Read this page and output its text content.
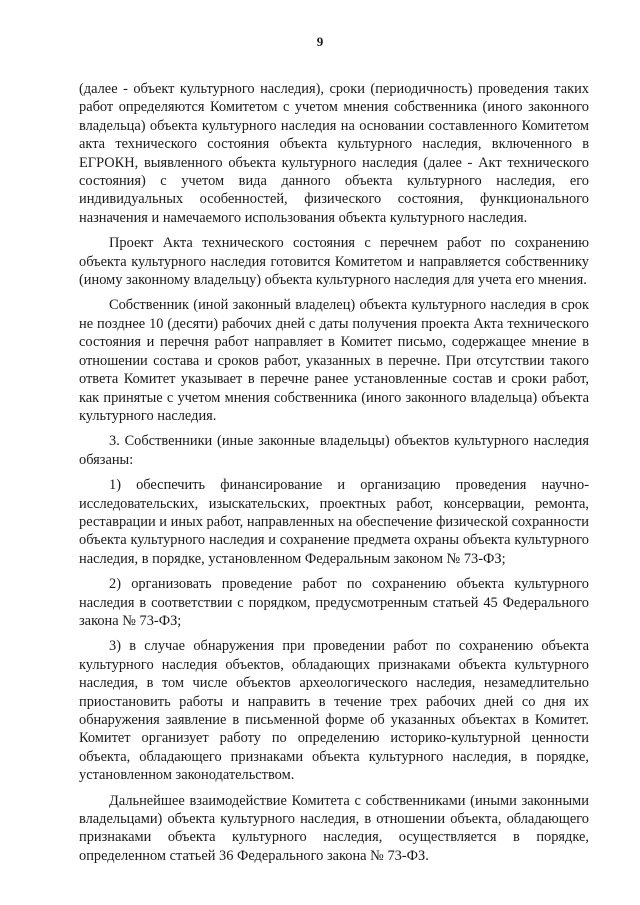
9

(далее - объект культурного наследия), сроки (периодичность) проведения таких работ определяются Комитетом с учетом мнения собственника (иного законного владельца) объекта культурного наследия на основании составленного Комитетом акта технического состояния объекта культурного наследия, включенного в ЕГРОКН, выявленного объекта культурного наследия (далее - Акт технического состояния) с учетом вида данного объекта культурного наследия, его индивидуальных особенностей, физического состояния, функционального назначения и намечаемого использования объекта культурного наследия.

Проект Акта технического состояния с перечнем работ по сохранению объекта культурного наследия готовится Комитетом и направляется собственнику (иному законному владельцу) объекта культурного наследия для учета его мнения.

Собственник (иной законный владелец) объекта культурного наследия в срок не позднее 10 (десяти) рабочих дней с даты получения проекта Акта технического состояния и перечня работ направляет в Комитет письмо, содержащее мнение в отношении состава и сроков работ, указанных в перечне. При отсутствии такого ответа Комитет указывает в перечне ранее установленные состав и сроки работ, как принятые с учетом мнения собственника (иного законного владельца) объекта культурного наследия.

3. Собственники (иные законные владельцы) объектов культурного наследия обязаны:

1) обеспечить финансирование и организацию проведения научно-исследовательских, изыскательских, проектных работ, консервации, ремонта, реставрации и иных работ, направленных на обеспечение физической сохранности объекта культурного наследия и сохранение предмета охраны объекта культурного наследия, в порядке, установленном Федеральным законом № 73-ФЗ;

2) организовать проведение работ по сохранению объекта культурного наследия в соответствии с порядком, предусмотренным статьей 45 Федерального закона № 73-ФЗ;

3) в случае обнаружения при проведении работ по сохранению объекта культурного наследия объектов, обладающих признаками объекта культурного наследия, в том числе объектов археологического наследия, незамедлительно приостановить работы и направить в течение трех рабочих дней со дня их обнаружения заявление в письменной форме об указанных объектах в Комитет. Комитет организует работу по определению историко-культурной ценности объекта, обладающего признаками объекта культурного наследия, в порядке, установленном законодательством.

Дальнейшее взаимодействие Комитета с собственниками (иными законными владельцами) объекта культурного наследия, в отношении объекта, обладающего признаками объекта культурного наследия, осуществляется в порядке, определенном статьей 36 Федерального закона № 73-ФЗ.
